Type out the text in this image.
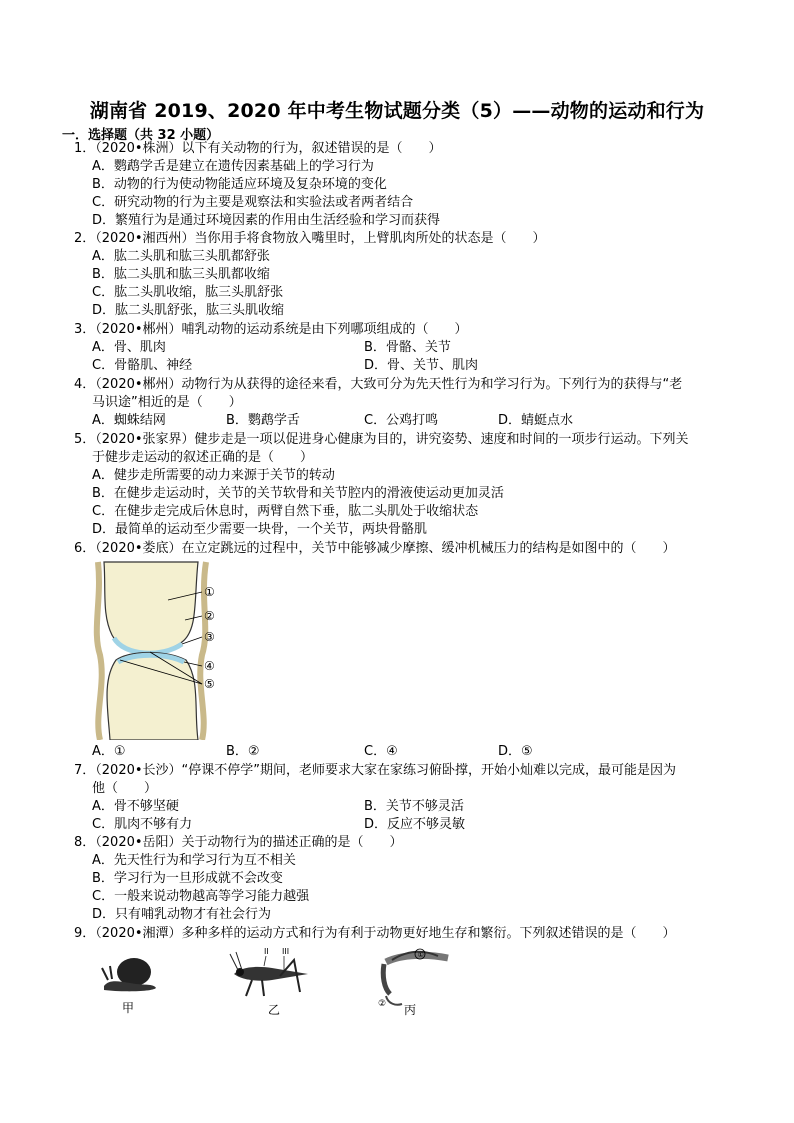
湖南省 2019、2020 年中考生物试题分类（5）——动物的运动和行为
一．选择题（共 32 小题）
1．（2020•株洲）以下有关动物的行为，叙述错误的是（　　）
A．鹦鹉学舌是建立在遗传因素基础上的学习行为
B．动物的行为使动物能适应环境及复杂环境的变化
C．研究动物的行为主要是观察法和实验法或者两者结合
D．繁殖行为是通过环境因素的作用由生活经验和学习而获得
2．（2020•湘西州）当你用手将食物放入嘴里时，上臂肌肉所处的状态是（　　）
A．肱二头肌和肱三头肌都舒张
B．肱二头肌和肱三头肌都收缩
C．肱二头肌收缩，肱三头肌舒张
D．肱二头肌舒张，肱三头肌收缩
3．（2020•郴州）哺乳动物的运动系统是由下列哪项组成的（　　）
A．骨、肌肉	B．骨骼、关节
C．骨骼肌、神经	D．骨、关节、肌肉
4．（2020•郴州）动物行为从获得的途径来看，大致可分为先天性行为和学习行为。下列行为的获得与“老
马识途”相近的是（　　）
A．蜘蛛结网	B．鹦鹉学舌	C．公鸡打鸣	D．蜻蜓点水
5．（2020•张家界）健步走是一项以促进身心健康为目的，讲究姿势、速度和时间的一项步行运动。下列关
于健步走运动的叙述正确的是（　　）
A．健步走所需要的动力来源于关节的转动
B．在健步走运动时，关节的关节软骨和关节腔内的滑液使运动更加灵活
C．在健步走完成后休息时，两臂自然下垂，肱二头肌处于收缩状态
D．最简单的运动至少需要一块骨，一个关节，两块骨骼肌
6．（2020•娄底）在立定跳远的过程中，关节中能够减少摩擦、缓冲机械压力的结构是如图中的（　　）
①
②
③
④
⑤
A．①	B．②	C．④	D．⑤
7．（2020•长沙）“停课不停学”期间，老师要求大家在家练习俯卧撑，开始小灿难以完成，最可能是因为
他（　　）
A．骨不够坚硬	B．关节不够灵活
C．肌肉不够有力	D．反应不够灵敏
8．（2020•岳阳）关于动物行为的描述正确的是（　　）
A．先天性行为和学习行为互不相关
B．学习行为一旦形成就不会改变
C．一般来说动物越高等学习能力越强
D．只有哺乳动物才有社会行为
9．（2020•湘潭）多种多样的运动方式和行为有利于动物更好地生存和繁衍。下列叙述错误的是（　　）
甲
II III
乙
①
② 丙
